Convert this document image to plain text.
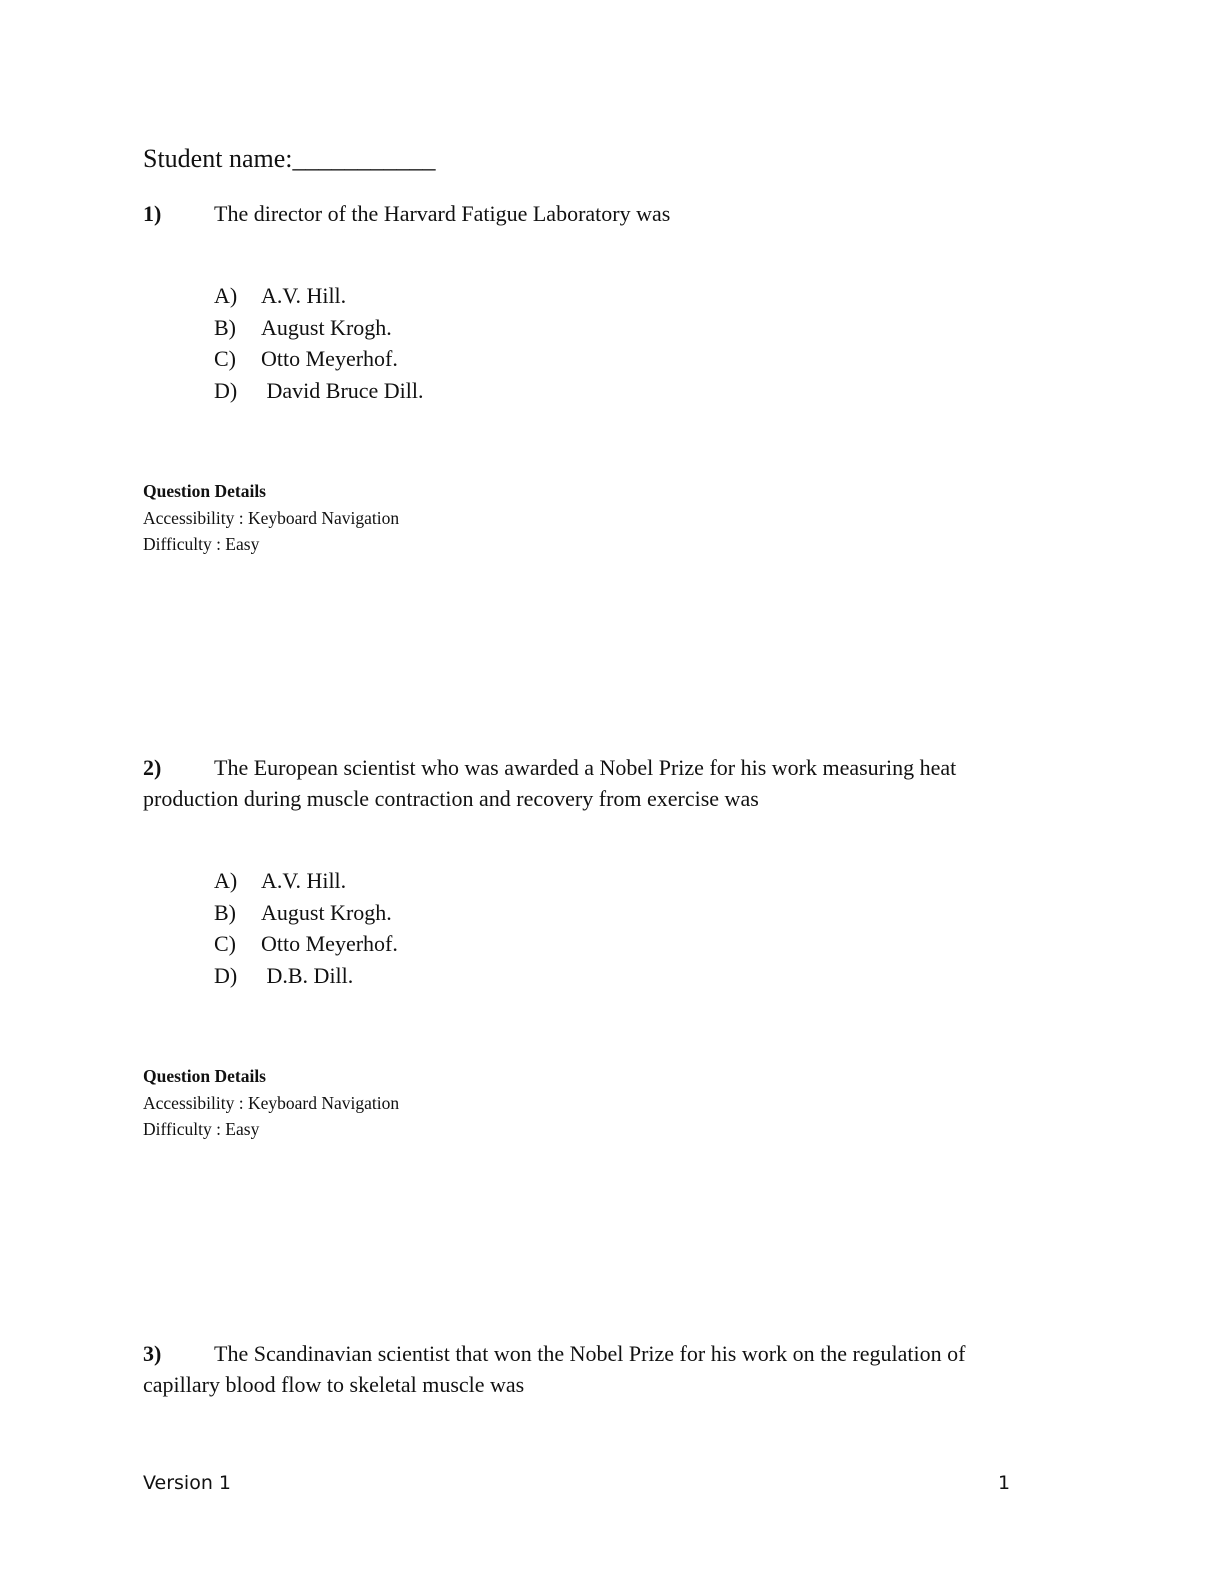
Student name:___________
1) The director of the Harvard Fatigue Laboratory was
A) A.V. Hill.
B) August Krogh.
C) Otto Meyerhof.
D) David Bruce Dill.
Question Details
Accessibility : Keyboard Navigation
Difficulty : Easy
2) The European scientist who was awarded a Nobel Prize for his work measuring heat production during muscle contraction and recovery from exercise was
A) A.V. Hill.
B) August Krogh.
C) Otto Meyerhof.
D) D.B. Dill.
Question Details
Accessibility : Keyboard Navigation
Difficulty : Easy
3) The Scandinavian scientist that won the Nobel Prize for his work on the regulation of capillary blood flow to skeletal muscle was
Version 1	1
